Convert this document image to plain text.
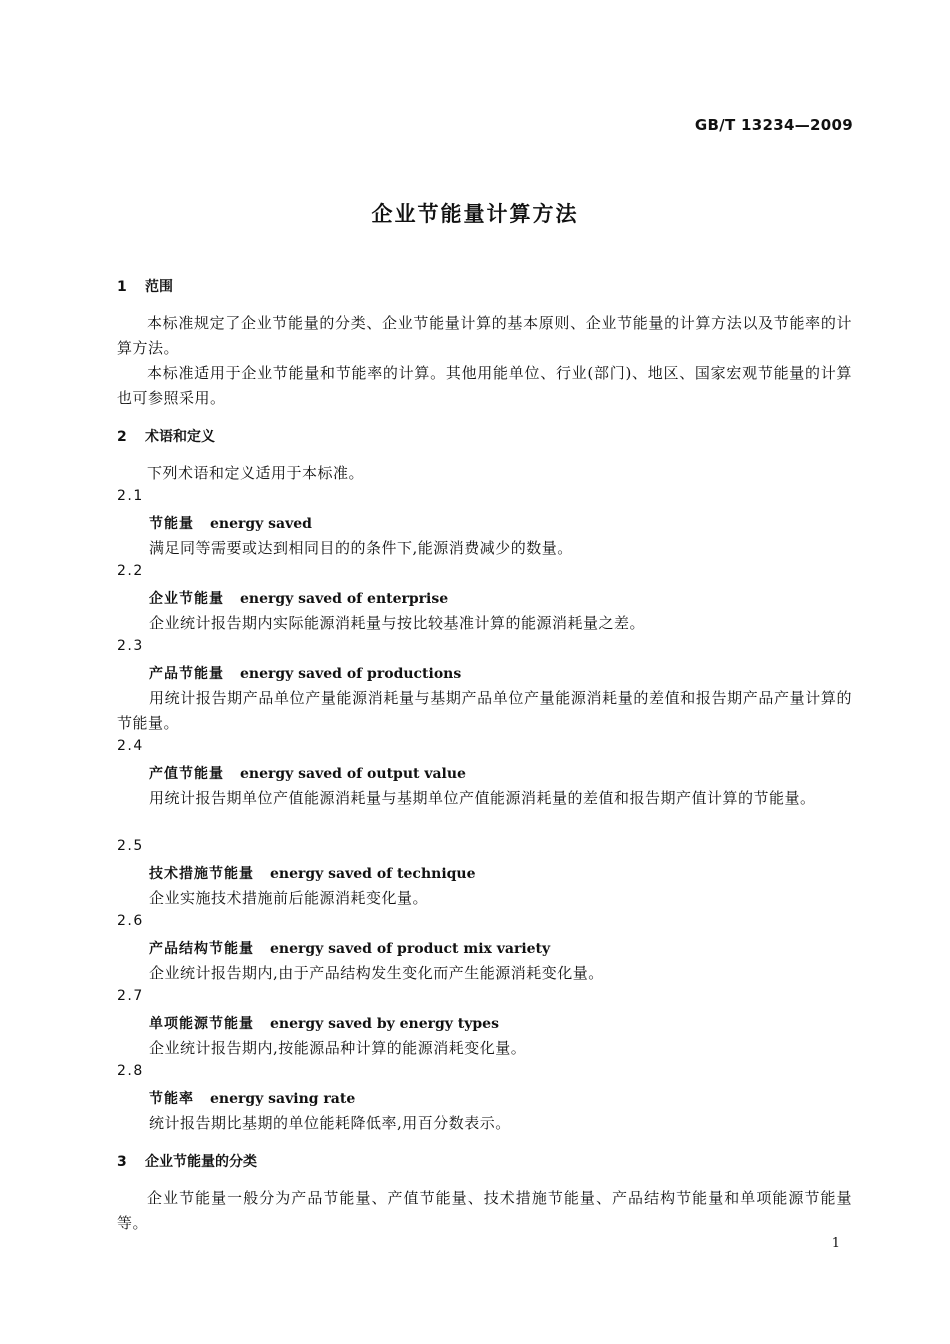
GB/T 13234—2009
企业节能量计算方法
1 范围
本标准规定了企业节能量的分类、企业节能量计算的基本原则、企业节能量的计算方法以及节能率的计算方法。
本标准适用于企业节能量和节能率的计算。其他用能单位、行业(部门)、地区、国家宏观节能量的计算也可参照采用。
2 术语和定义
下列术语和定义适用于本标准。
2.1
节能量 energy saved
满足同等需要或达到相同目的的条件下,能源消费减少的数量。
2.2
企业节能量 energy saved of enterprise
企业统计报告期内实际能源消耗量与按比较基准计算的能源消耗量之差。
2.3
产品节能量 energy saved of productions
用统计报告期产品单位产量能源消耗量与基期产品单位产量能源消耗量的差值和报告期产品产量计算的节能量。
2.4
产值节能量 energy saved of output value
用统计报告期单位产值能源消耗量与基期单位产值能源消耗量的差值和报告期产值计算的节能量。
2.5
技术措施节能量 energy saved of technique
企业实施技术措施前后能源消耗变化量。
2.6
产品结构节能量 energy saved of product mix variety
企业统计报告期内,由于产品结构发生变化而产生能源消耗变化量。
2.7
单项能源节能量 energy saved by energy types
企业统计报告期内,按能源品种计算的能源消耗变化量。
2.8
节能率 energy saving rate
统计报告期比基期的单位能耗降低率,用百分数表示。
3 企业节能量的分类
企业节能量一般分为产品节能量、产值节能量、技术措施节能量、产品结构节能量和单项能源节能量等。
1
